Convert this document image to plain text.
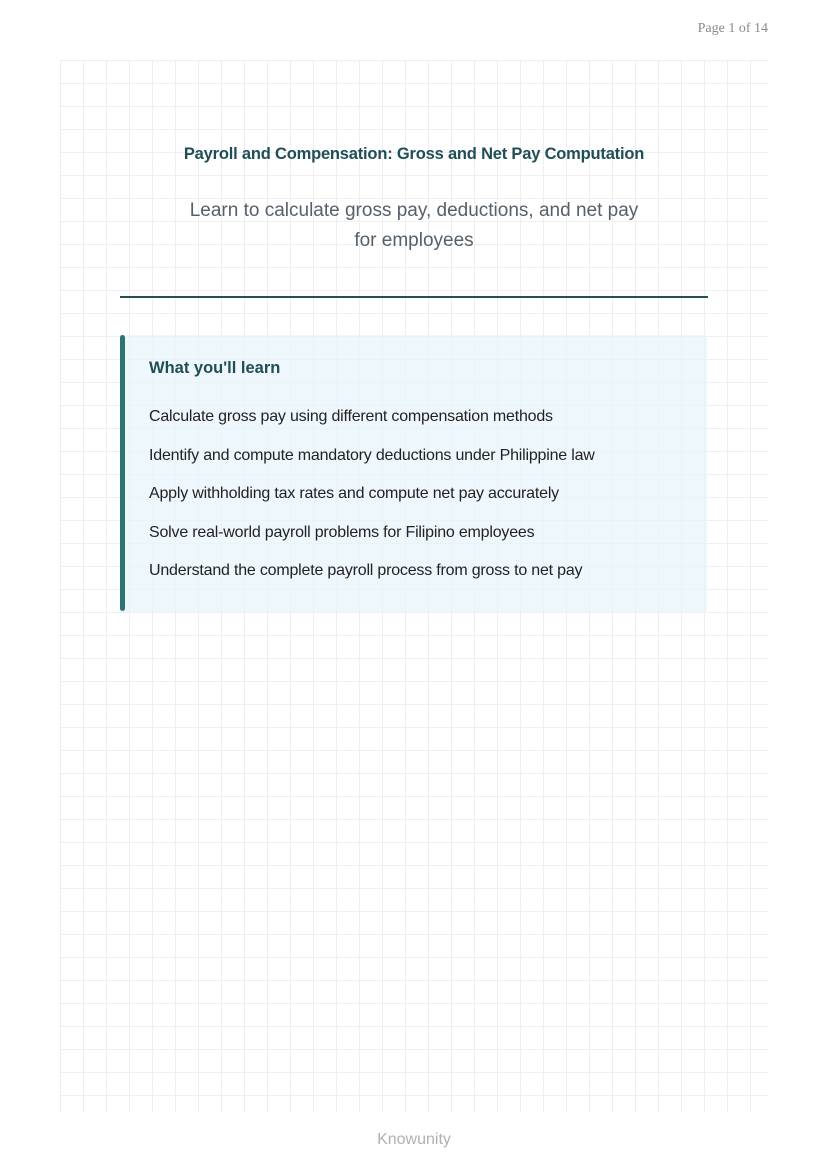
Page 1 of 14
Payroll and Compensation: Gross and Net Pay Computation
Learn to calculate gross pay, deductions, and net pay for employees
What you'll learn
Calculate gross pay using different compensation methods
Identify and compute mandatory deductions under Philippine law
Apply withholding tax rates and compute net pay accurately
Solve real-world payroll problems for Filipino employees
Understand the complete payroll process from gross to net pay
Knowunity
